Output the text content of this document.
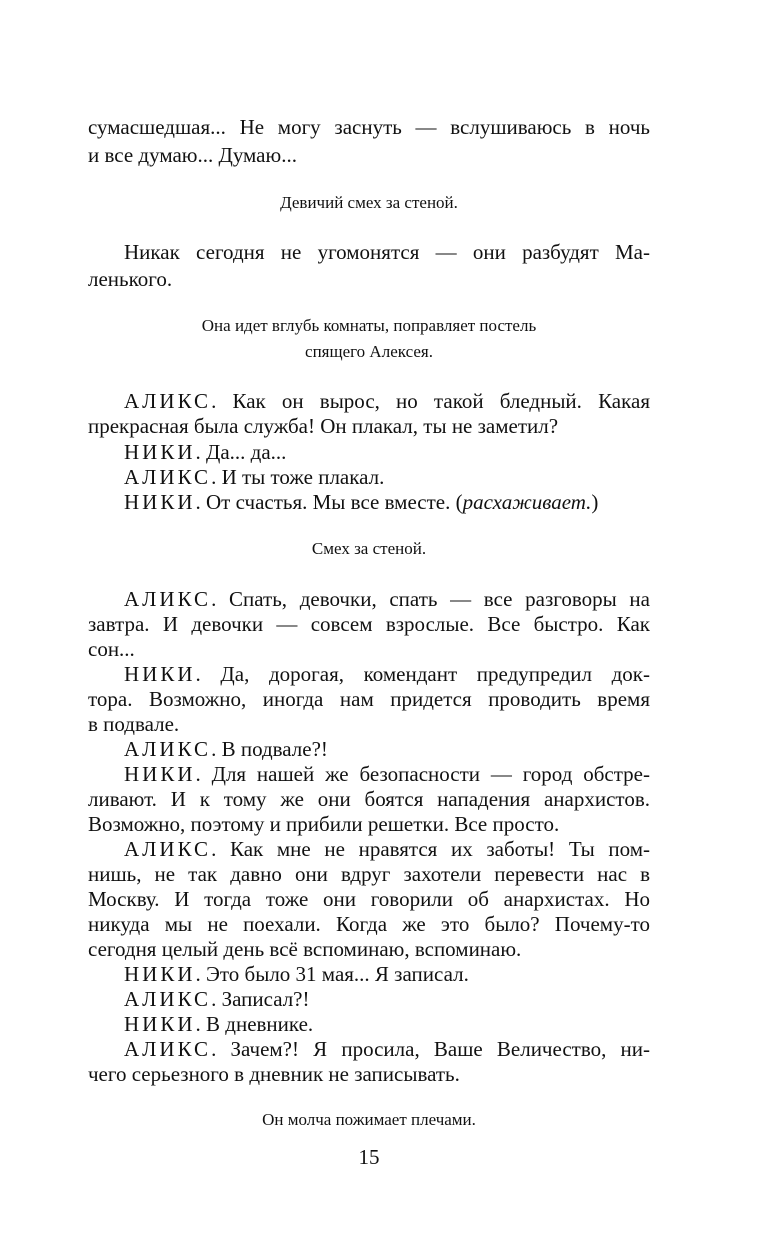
сумасшедшая... Не могу заснуть — вслушиваюсь в ночь
и все думаю... Думаю...
Девичий смех за стеной.
Никак сегодня не угомонятся — они разбудят Ма-
ленького.
Она идет вглубь комнаты, поправляет постель
спящего Алексея.
АЛИКС. Как он вырос, но такой бледный. Какая
прекрасная была служба! Он плакал, ты не заметил?
НИКИ. Да... да...
АЛИКС. И ты тоже плакал.
НИКИ. От счастья. Мы все вместе. (расхаживает.)
Смех за стеной.
АЛИКС. Спать, девочки, спать — все разговоры на
завтра. И девочки — совсем взрослые. Все быстро. Как
сон...
НИКИ. Да, дорогая, комендант предупредил док-
тора. Возможно, иногда нам придется проводить время
в подвале.
АЛИКС. В подвале?!
НИКИ. Для нашей же безопасности — город обстре-
ливают. И к тому же они боятся нападения анархистов.
Возможно, поэтому и прибили решетки. Все просто.
АЛИКС. Как мне не нравятся их заботы! Ты пом-
нишь, не так давно они вдруг захотели перевести нас в
Москву. И тогда тоже они говорили об анархистах. Но
никуда мы не поехали. Когда же это было? Почему-то
сегодня целый день всё вспоминаю, вспоминаю.
НИКИ. Это было 31 мая... Я записал.
АЛИКС. Записал?!
НИКИ. В дневнике.
АЛИКС. Зачем?! Я просила, Ваше Величество, ни-
чего серьезного в дневник не записывать.
Он молча пожимает плечами.
15
